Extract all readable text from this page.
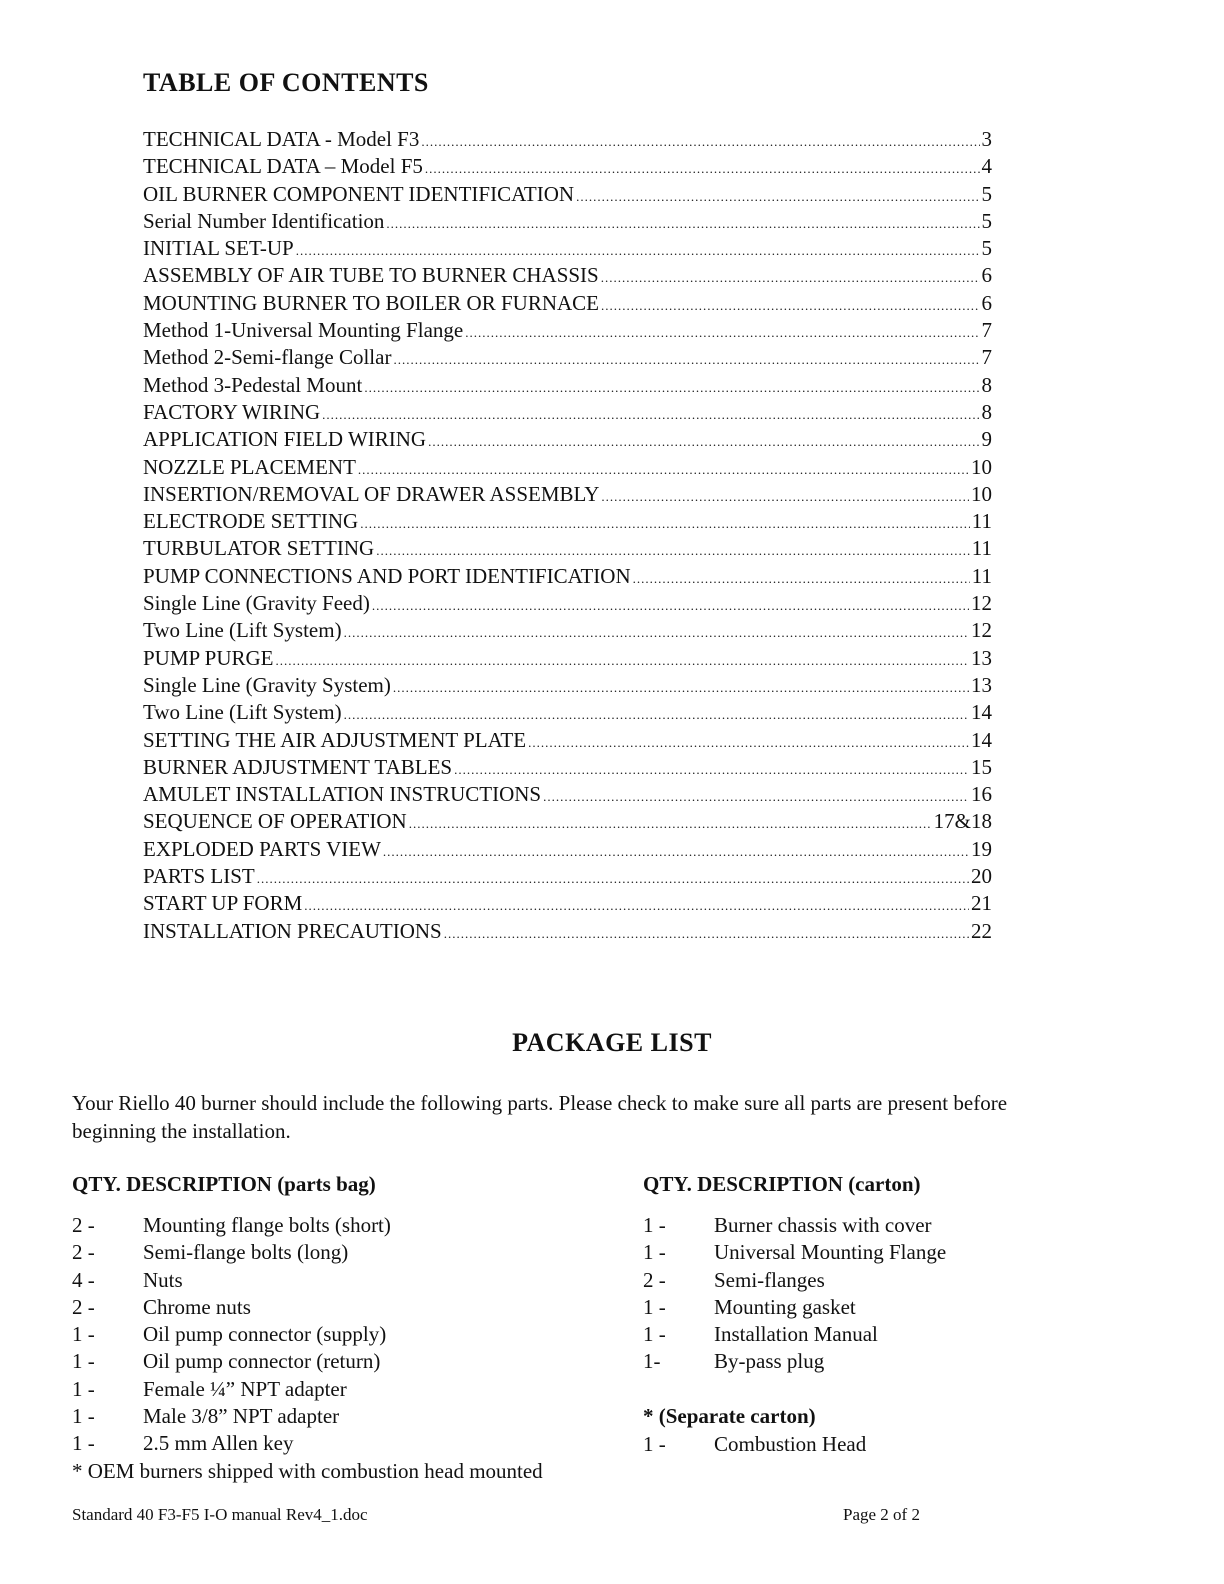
TABLE OF CONTENTS
TECHNICAL DATA - Model F3 .....	3
TECHNICAL DATA – Model F5 .....	4
OIL BURNER COMPONENT IDENTIFICATION .....	5
Serial Number Identification .....	5
INITIAL SET-UP .....	5
ASSEMBLY OF AIR TUBE TO BURNER CHASSIS .....	6
MOUNTING BURNER TO BOILER OR FURNACE .....	6
Method 1-Universal Mounting Flange .....	7
Method 2-Semi-flange Collar .....	7
Method 3-Pedestal Mount .....	8
FACTORY WIRING .....	8
APPLICATION FIELD WIRING .....	9
NOZZLE PLACEMENT .....	10
INSERTION/REMOVAL OF DRAWER ASSEMBLY .....	10
ELECTRODE SETTING .....	11
TURBULATOR SETTING .....	11
PUMP CONNECTIONS AND PORT IDENTIFICATION .....	11
Single Line (Gravity Feed) .....	12
Two Line (Lift System) .....	12
PUMP PURGE .....	13
Single Line (Gravity System) .....	13
Two Line (Lift System) .....	14
SETTING THE AIR ADJUSTMENT PLATE .....	14
BURNER ADJUSTMENT TABLES .....	15
AMULET INSTALLATION INSTRUCTIONS .....	16
SEQUENCE OF OPERATION .....	17&18
EXPLODED PARTS VIEW .....	19
PARTS LIST .....	20
START UP FORM .....	21
INSTALLATION PRECAUTIONS .....	22
PACKAGE LIST
Your Riello 40 burner should include the following parts. Please check to make sure all parts are present before beginning the installation.
QTY. DESCRIPTION (parts bag)
2 - Mounting flange bolts (short)
2 - Semi-flange bolts (long)
4 - Nuts
2 - Chrome nuts
1 - Oil pump connector (supply)
1 - Oil pump connector (return)
1 - Female ¼” NPT adapter
1 - Male 3/8” NPT adapter
1 - 2.5 mm Allen key
* OEM burners shipped with combustion head mounted
QTY. DESCRIPTION (carton)
1 - Burner chassis with cover
1 - Universal Mounting Flange
2 - Semi-flanges
1 - Mounting gasket
1 - Installation Manual
1-	By-pass plug
* (Separate carton)
1 - Combustion Head
Standard 40 F3-F5 I-O manual Rev4_1.doc	Page 2 of 2
